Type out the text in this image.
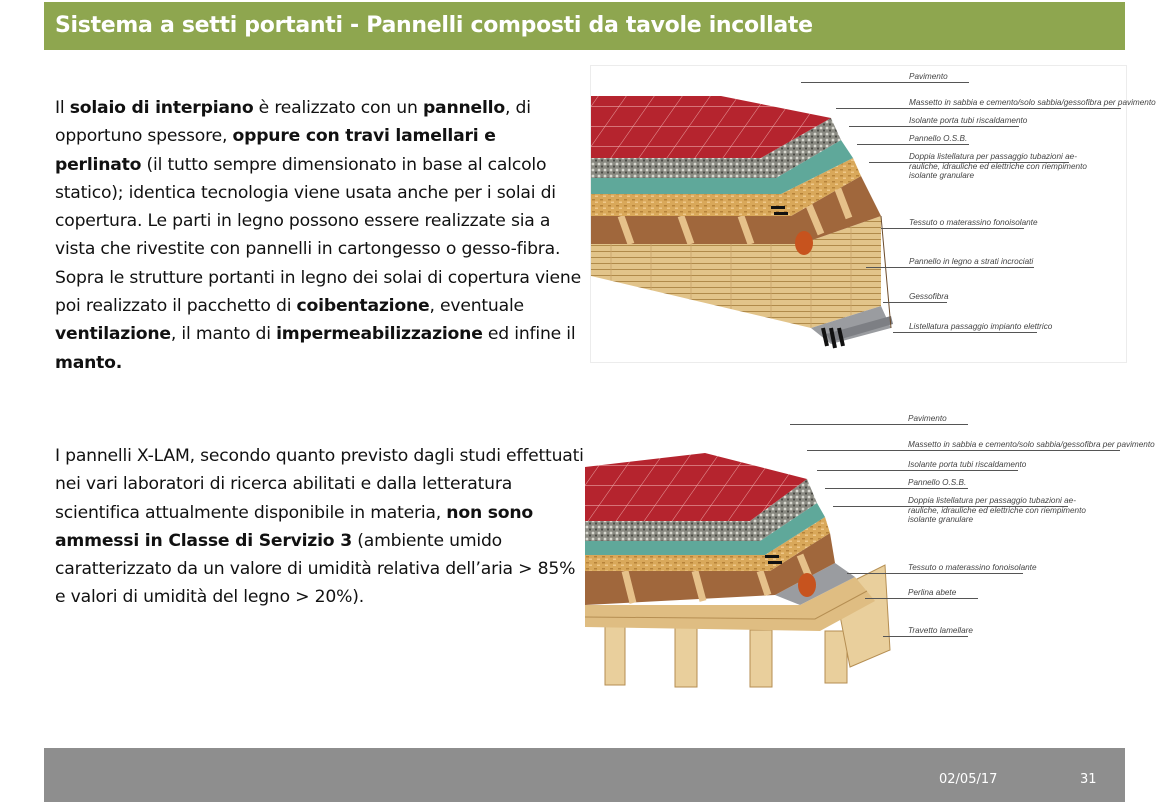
Sistema a setti portanti - Pannelli composti da tavole incollate

Il solaio di interpiano è realizzato con un pannello, di opportuno spessore, oppure con travi lamellari e perlinato (il tutto sempre dimensionato in base al calcolo statico); identica tecnologia viene usata anche per i solai di copertura. Le parti in legno possono essere realizzate sia a vista che rivestite con pannelli in cartongesso o gesso-fibra. Sopra le strutture portanti in legno dei solai di copertura viene poi realizzato il pacchetto di coibentazione, eventuale ventilazione, il manto di impermeabilizzazione ed infine il manto.

I pannelli X-LAM, secondo quanto previsto dagli studi effettuati nei vari laboratori di ricerca abilitati e dalla letteratura scientifica attualmente disponibile in materia, non sono ammessi in Classe di Servizio 3 (ambiente umido caratterizzato da un valore di umidità relativa dell’aria > 85% e valori di umidità del legno > 20%).

Pavimento
Massetto in sabbia e cemento/solo sabbia/gessofibra per pavimento
Isolante porta tubi riscaldamento
Pannello O.S.B.
Doppia listellatura per passaggio tubazioni ae-
rauliche, idrauliche ed elettriche con riempimento
isolante granulare
Tessuto o materassino fonoisolante
Pannello in legno a strati incrociati
Gessofibra
Listellatura passaggio impianto elettrico
Pavimento
Massetto in sabbia e cemento/solo sabbia/gessofibra per pavimento
Isolante porta tubi riscaldamento
Pannello O.S.B.
Doppia listellatura per passaggio tubazioni ae-
rauliche, idrauliche ed elettriche con riempimento
isolante granulare
Tessuto o materassino fonoisolante
Perlina abete
Travetto lamellare
02/05/17	31
